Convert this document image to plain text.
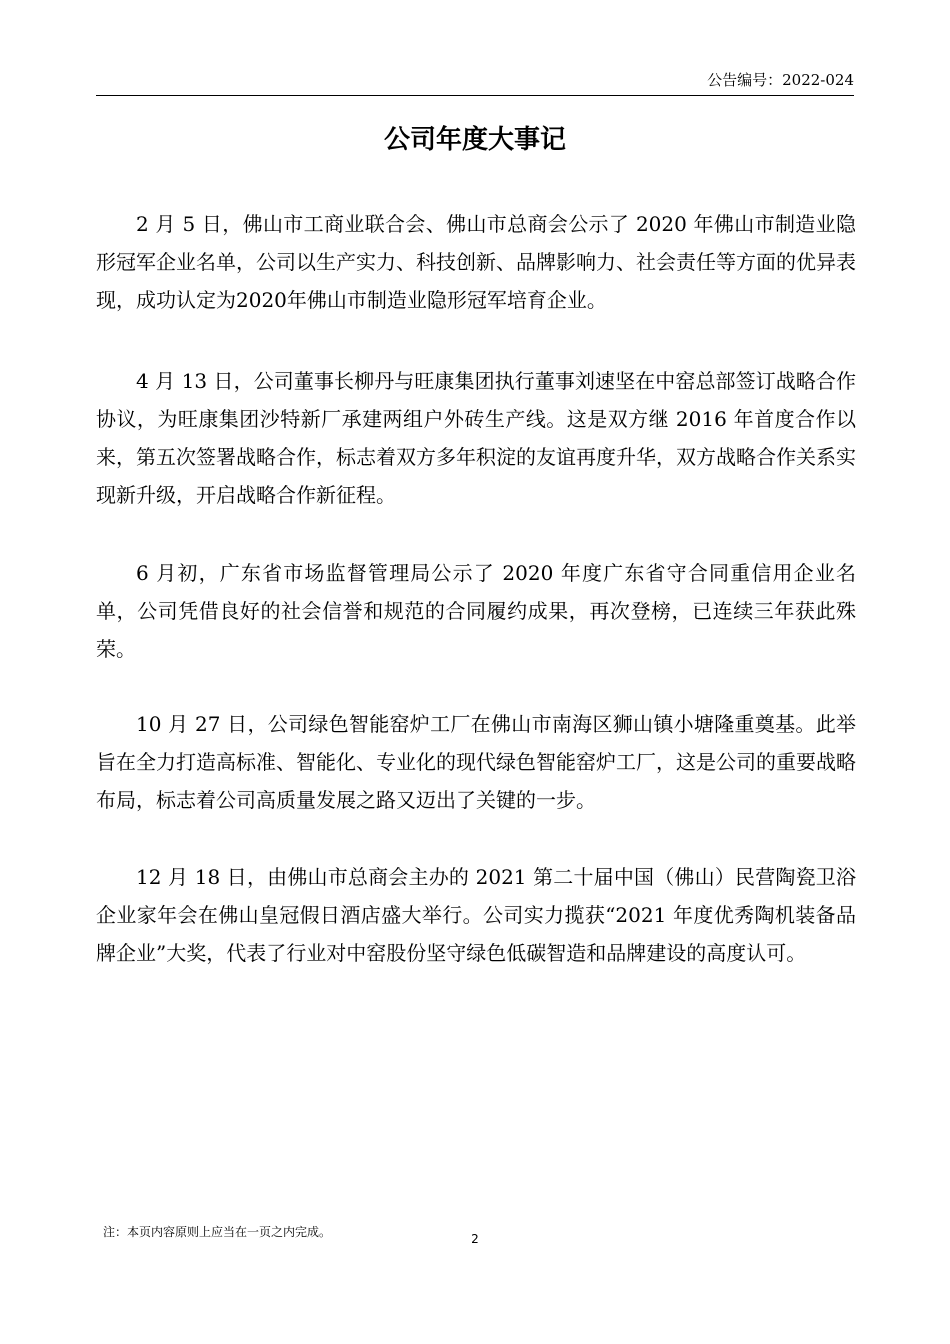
公告编号：2022-024
公司年度大事记

2 月 5 日，佛山市工商业联合会、佛山市总商会公示了 2020 年佛山市制造业隐形冠军企业名单，公司以生产实力、科技创新、品牌影响力、社会责任等方面的优异表现，成功认定为2020年佛山市制造业隐形冠军培育企业。

4 月 13 日，公司董事长柳丹与旺康集团执行董事刘速坚在中窑总部签订战略合作协议，为旺康集团沙特新厂承建两组户外砖生产线。这是双方继 2016 年首度合作以来，第五次签署战略合作，标志着双方多年积淀的友谊再度升华，双方战略合作关系实现新升级，开启战略合作新征程。

6 月初，广东省市场监督管理局公示了 2020 年度广东省守合同重信用企业名单，公司凭借良好的社会信誉和规范的合同履约成果，再次登榜，已连续三年获此殊荣。

10 月 27 日，公司绿色智能窑炉工厂在佛山市南海区狮山镇小塘隆重奠基。此举旨在全力打造高标准、智能化、专业化的现代绿色智能窑炉工厂，这是公司的重要战略布局，标志着公司高质量发展之路又迈出了关键的一步。

12 月 18 日，由佛山市总商会主办的 2021 第二十届中国（佛山）民营陶瓷卫浴企业家年会在佛山皇冠假日酒店盛大举行。公司实力揽获“2021 年度优秀陶机装备品牌企业”大奖，代表了行业对中窑股份坚守绿色低碳智造和品牌建设的高度认可。

注：本页内容原则上应当在一页之内完成。	2
